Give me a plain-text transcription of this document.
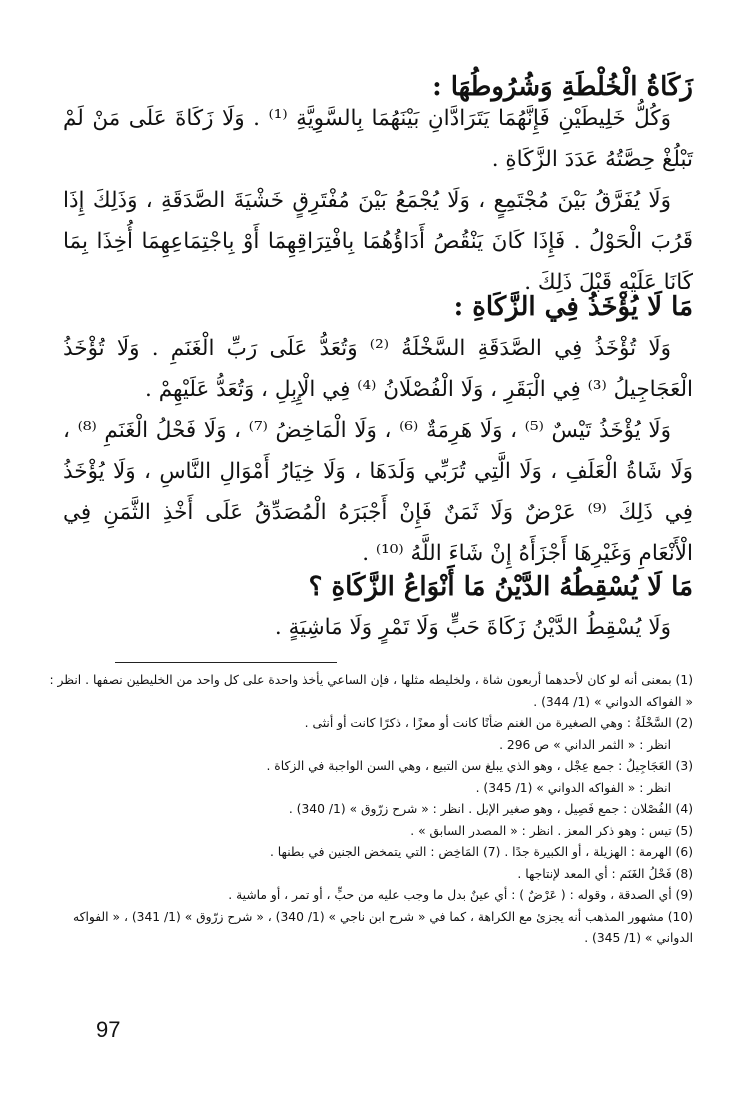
زَكَاةُ الْخُلْطَةِ وَشُرُوطُهَا :

وَكُلُّ خَلِيطَيْنِ فَإِنَّهُمَا يَتَرَادَّانِ بَيْنَهُمَا بِالسَّوِيَّةِ ⁽¹⁾ . وَلَا زَكَاةَ عَلَى مَنْ لَمْ تَبْلُغْ حِصَّتُهُ عَدَدَ الزَّكَاةِ .

وَلَا يُفَرَّقُ بَيْنَ مُجْتَمِعٍ ، وَلَا يُجْمَعُ بَيْنَ مُفْتَرِقٍ خَشْيَةَ الصَّدَقَةِ ، وَذَلِكَ إِذَا قَرُبَ الْحَوْلُ . فَإِذَا كَانَ يَنْقُصُ أَدَاؤُهُمَا بِافْتِرَاقِهِمَا أَوْ بِاجْتِمَاعِهِمَا أُخِذَا بِمَا كَانَا عَلَيْهِ قَبْلَ ذَلِكَ .

مَا لَا يُؤْخَذُ فِي الزَّكَاةِ :

وَلَا تُؤْخَذُ فِي الصَّدَقَةِ السَّخْلَةُ ⁽²⁾ وَتُعَدُّ عَلَى رَبِّ الْغَنَمِ . وَلَا تُؤْخَذُ الْعَجَاجِيلُ ⁽³⁾ فِي الْبَقَرِ ، وَلَا الْفُصْلَانُ ⁽⁴⁾ فِي الْإِبِلِ ، وَتُعَدُّ عَلَيْهِمْ .

وَلَا يُؤْخَذُ تَيْسٌ ⁽⁵⁾ ، وَلَا هَرِمَةٌ ⁽⁶⁾ ، وَلَا الْمَاخِضُ ⁽⁷⁾ ، وَلَا فَحْلُ الْغَنَمِ ⁽⁸⁾ ، وَلَا شَاةُ الْعَلَفِ ، وَلَا الَّتِي تُرَبِّي وَلَدَهَا ، وَلَا خِيَارُ أَمْوَالِ النَّاسِ ، وَلَا يُؤْخَذُ فِي ذَلِكَ ⁽⁹⁾ عَرْضٌ وَلَا ثَمَنٌ فَإِنْ أَجْبَرَهُ الْمُصَدِّقُ عَلَى أَخْذِ الثَّمَنِ فِي الْأَنْعَامِ وَغَيْرِهَا أَجْزَأَهُ إِنْ شَاءَ اللَّهُ ⁽¹⁰⁾ .

مَا لَا يُسْقِطُهُ الدَّيْنُ مَا أَنْوَاعُ الزَّكَاةِ ؟

وَلَا يُسْقِطُ الدَّيْنُ زَكَاةَ حَبٍّ وَلَا تَمْرٍ وَلَا مَاشِيَةٍ .

(1) بمعنى أنه لو كان لأحدهما أربعون شاة ، ولخليطه مثلها ، فإن الساعي يأخذ واحدة على كل واحد من الخليطين نصفها . انظر : « الفواكه الدواني » (1/ 344) .
(2) السَّخْلَةُ : وهي الصغيرة من الغنم ضأنًا كانت أو معزًا ، ذكرًا كانت أو أنثى .
انظر : « الثمر الداني » ص 296 .
(3) العَجَاجِيلُ : جمع عِجْل ، وهو الذي يبلغ سن التبيع ، وهي السن الواجبة في الزكاة .
انظر : « الفواكه الدواني » (1/ 345) .
(4) الفُصْلان : جمع فَصِيل ، وهو صغير الإبل . انظر : « شرح زرّوق » (1/ 340) .
(5) تيس : وهو ذكر المعز . انظر : « المصدر السابق » .
(6) الهرمة : الهزيلة ، أو الكبيرة جدًا . (7) المَاخِض : التي يتمخض الجنين في بطنها .
(8) فَحْلُ الغَنَم : أي المعد لإنتاجها .
(9) أي الصدقة ، وقوله : ( عَرْضٌ ) : أي عينٌ بدل ما وجب عليه من حبٍّ ، أو تمر ، أو ماشية .
(10) مشهور المذهب أنه يجزئ مع الكراهة ، كما في « شرح ابن ناجي » (1/ 340) ، « شرح زرّوق » (1/ 341) ، « الفواكه الدواني » (1/ 345) .
97
